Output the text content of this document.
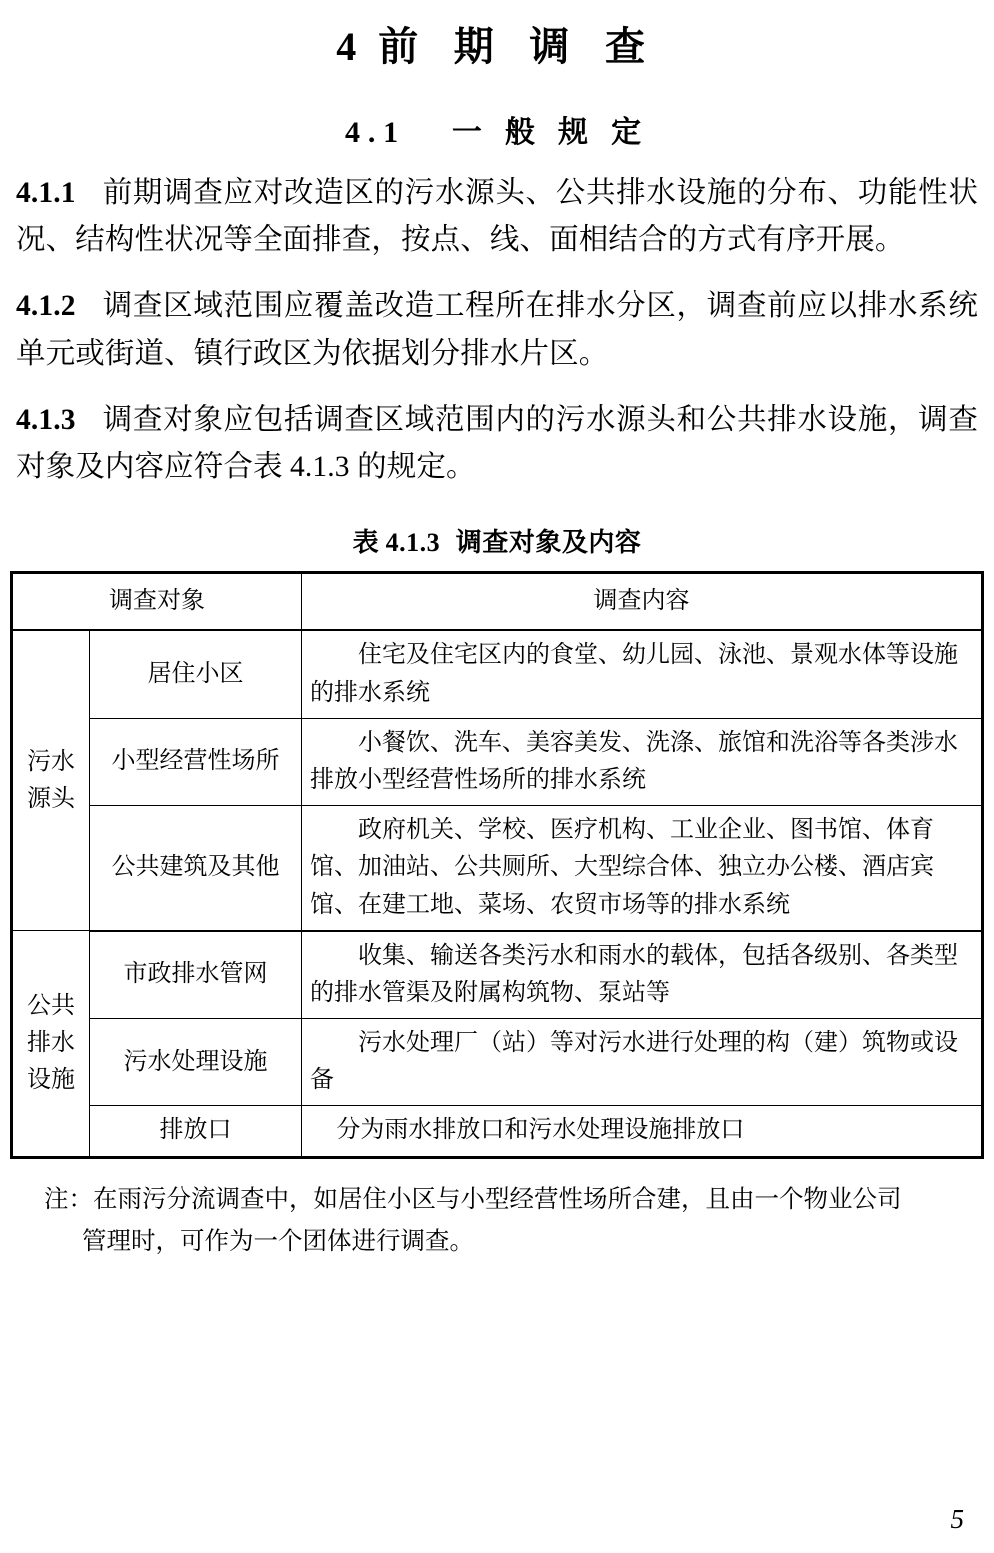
4前 期 调 查
4.1 一 般 规 定

4.1.1 前期调查应对改造区的污水源头、公共排水设施的分布、功能性状况、结构性状况等全面排查，按点、线、面相结合的方式有序开展。

4.1.2 调查区域范围应覆盖改造工程所在排水分区，调查前应以排水系统单元或街道、镇行政区为依据划分排水片区。

4.1.3 调查对象应包括调查区域范围内的污水源头和公共排水设施，调查对象及内容应符合表 4.1.3 的规定。

表 4.1.3 调查对象及内容
调查对象		调查内容
污水源头	居住小区	住宅及住宅区内的食堂、幼儿园、泳池、景观水体等设施的排水系统
	小型经营性场所	小餐饮、洗车、美容美发、洗涤、旅馆和洗浴等各类涉水排放小型经营性场所的排水系统
	公共建筑及其他	政府机关、学校、医疗机构、工业企业、图书馆、体育馆、加油站、公共厕所、大型综合体、独立办公楼、酒店宾馆、在建工地、菜场、农贸市场等的排水系统
公共排水设施	市政排水管网	收集、输送各类污水和雨水的载体，包括各级别、各类型的排水管渠及附属构筑物、泵站等
	污水处理设施	污水处理厂（站）等对污水进行处理的构（建）筑物或设备
	排放口	分为雨水排放口和污水处理设施排放口
注：在雨污分流调查中，如居住小区与小型经营性场所合建，且由一个物业公司
管理时，可作为一个团体进行调查。
5
